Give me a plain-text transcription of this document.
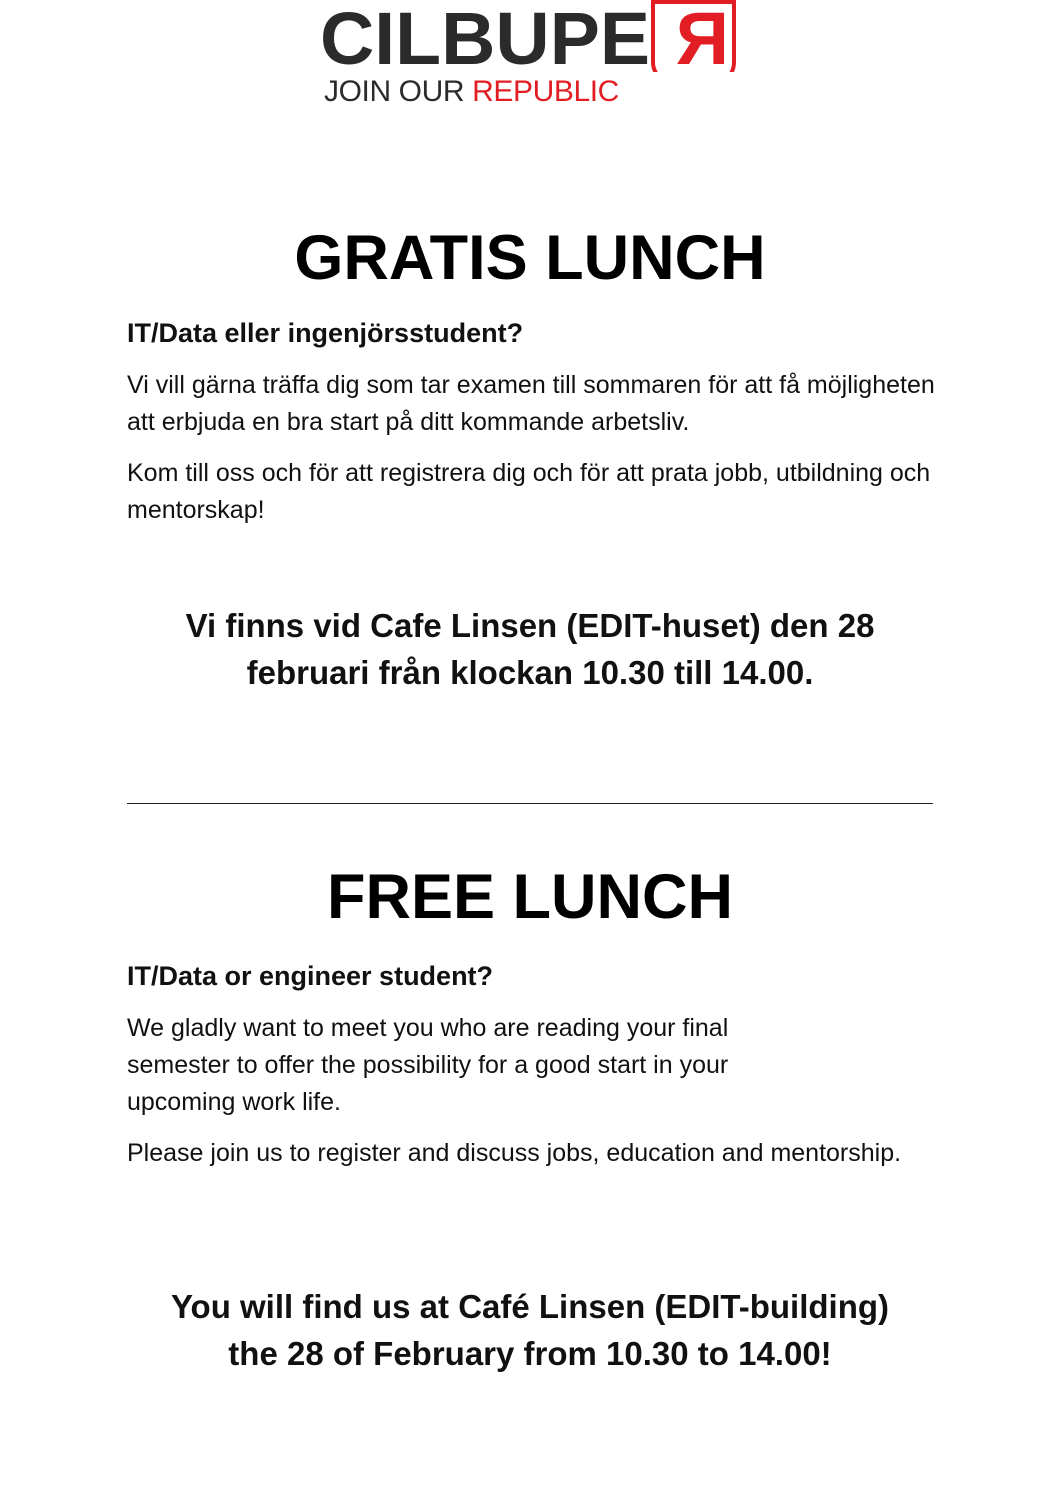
CILBUPE R

JOIN OUR REPUBLIC

GRATIS LUNCH
IT/Data eller ingenjörsstudent?

Vi vill gärna träffa dig som tar examen till sommaren för att få möjligheten att erbjuda en bra start på ditt kommande arbetsliv.

Kom till oss och för att registrera dig och för att prata jobb, utbildning och mentorskap!

Vi finns vid Cafe Linsen (EDIT-huset) den 28
februari från klockan 10.30 till 14.00.

FREE LUNCH
IT/Data or engineer student?

We gladly want to meet you who are reading your final
semester to offer the possibility for a good start in your
upcoming work life.

Please join us to register and discuss jobs, education and mentorship.

You will find us at Café Linsen (EDIT-building)
the 28 of February from 10.30 to 14.00!
